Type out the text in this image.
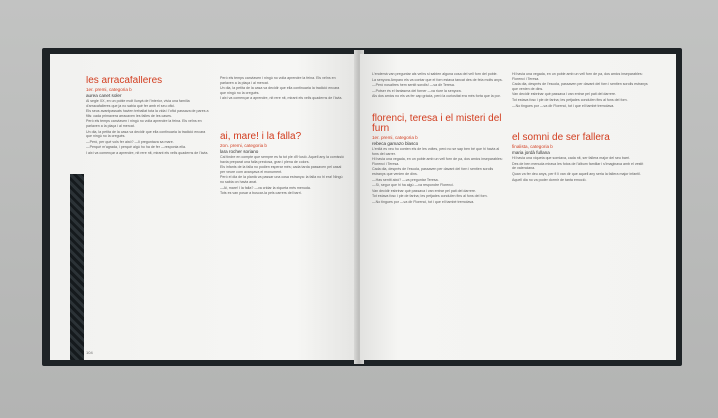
les arracafalleres

1er. premi, categoria b

aurea canet soler

Al segle XX, en un poble molt llunyà de l'interior, vivia una família d'arracafalleres que ja no sabia què fer amb el seu ofici.

Els seus avantpassats havien treballat tota la vida i l'ofici passava de pares a fills: cada primavera arracaven les falles de les cases.

Però els temps canviaven i ningú no volia aprendre la feina. Els veïns en parlaven a la plaça i al mercat.

Un dia, la petita de la casa va decidir que ella continuaria la tradició encara que ningú no la cregués.

—Però, per què vols fer això? —li preguntava sa mare.

—Perquè m'agrada, i perquè algú ho ha de fer —responia ella.

I així va començar a aprendre, nit rere nit, mirant els vells quaderns de l'àvia.

Però els temps canviaven i ningú no volia aprendre la feina. Els veïns en parlaven a la plaça i al mercat.

Un dia, la petita de la casa va decidir que ella continuaria la tradició encara que ningú no la cregués.

I així va començar a aprendre, nit rere nit, mirant els vells quaderns de l'àvia.

ai, mare! i la falla?

2on. premi, categoria b

lara rocher soriano

Cal tindre en compte que sempre es fa tot ple d'il·lusió. Aquell any la comissió havia preparat una falla preciosa, gran i plena de colors.

Els infants de la falla no podien esperar més; cada tarda passaven pel casal per veure com avançava el monument.

Però el dia de la plantà va passar una cosa estranya: la falla no hi era! Ningú no sabia on havia anat.

—Ai, mare! I la falla? —va cridar la xiqueta més menuda.

Tots es van posar a buscar-la pels carrers del barri.

104

L'endemà van preguntar als veïns si sabien alguna cosa del vell forn del poble.

La senyora Amparo els va contar que el forn estava tancat des de feia molts anys.

—Però nosaltres hem sentit sorolls! —va dir Teresa.

—Potser és el fantasma del forner —va riure la senyora.

Als dos amics no els va fer cap gràcia, però la curiositat era més forta que la por.

florenci, teresa i el misteri del furn

1er. premi, categoria b

rebeca gamazo blasco

L'enllà es veu ho conten els de les voltes, però no se sap ben bé que hi havia al fons del carrer.

Hi havia una vegada, en un poble amb un vell forn de pa, dos amics inseparables: Florenci i Teresa.

Cada dia, després de l'escola, passaven per davant del forn i sentien sorolls estranys que venien de dins.

—Has sentit això? —va preguntar Teresa.

—Sí, segur que hi ha algú —va respondre Florenci.

Van decidir esbrinar què passava i van entrar pel pati del darrere.

Tot estava fosc i ple de farina; les petjades conduïen fins al fons del forn.

—No tingues por —va dir Florenci, tot i que ell també tremolava.

Hi havia una vegada, en un poble amb un vell forn de pa, dos amics inseparables: Florenci i Teresa.

Cada dia, després de l'escola, passaven per davant del forn i sentien sorolls estranys que venien de dins.

Van decidir esbrinar què passava i van entrar pel pati del darrere.

Tot estava fosc i ple de farina; les petjades conduïen fins al fons del forn.

—No tingues por —va dir Florenci, tot i que ell també tremolava.

el somni de ser fallera

finalista, categoria b

maria jordà fullana

Hi havia una xiqueta que somiava, cada nit, ser fallera major del seu barri.

Des de ben menuda mirava les fotos de l'àlbum familiar i s'imaginava amb el vestit de valenciana.

Quan va fer deu anys, per fi li van dir que aquell any seria la fallera major infantil.

Aquell dia no va poder dormir de tanta emoció.
